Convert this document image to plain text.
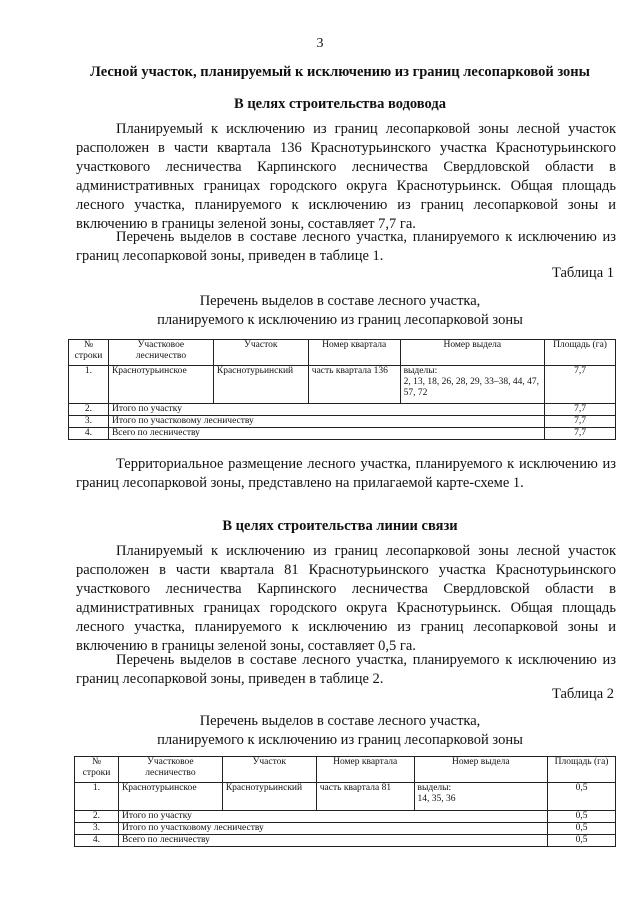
3
Лесной участок, планируемый к исключению из границ лесопарковой зоны
В целях строительства водовода
Планируемый к исключению из границ лесопарковой зоны лесной участок расположен в части квартала 136 Краснотурьинского участка Краснотурьинского участкового лесничества Карпинского лесничества Свердловской области в административных границах городского округа Краснотурьинск. Общая площадь лесного участка, планируемого к исключению из границ лесопарковой зоны и включению в границы зеленой зоны, составляет 7,7 га.
Перечень выделов в составе лесного участка, планируемого к исключению из границ лесопарковой зоны, приведен в таблице 1.
Таблица 1
Перечень выделов в составе лесного участка,
планируемого к исключению из границ лесопарковой зоны
№ строки	Участковое лесничество	Участок	Номер квартала	Номер выдела	Площадь (га)
1.	Краснотурьинское	Краснотурьинский	часть квартала 136	выделы:
2, 13, 18, 26, 28, 29, 33–38, 44, 47, 57, 72	7,7
2.	Итого по участку				7,7
3.	Итого по участковому лесничеству				7,7
4.	Всего по лесничеству				7,7
Территориальное размещение лесного участка, планируемого к исключению из границ лесопарковой зоны, представлено на прилагаемой карте-схеме 1.
В целях строительства линии связи
Планируемый к исключению из границ лесопарковой зоны лесной участок расположен в части квартала 81 Краснотурьинского участка Краснотурьинского участкового лесничества Карпинского лесничества Свердловской области в административных границах городского округа Краснотурьинск. Общая площадь лесного участка, планируемого к исключению из границ лесопарковой зоны и включению в границы зеленой зоны, составляет 0,5 га.
Перечень выделов в составе лесного участка, планируемого к исключению из границ лесопарковой зоны, приведен в таблице 2.
Таблица 2
Перечень выделов в составе лесного участка,
планируемого к исключению из границ лесопарковой зоны
№ строки	Участковое лесничество	Участок	Номер квартала	Номер выдела	Площадь (га)
1.	Краснотурьинское	Краснотурьинский	часть квартала 81	выделы:
14, 35, 36	0,5
2.	Итого по участку				0,5
3.	Итого по участковому лесничеству				0,5
4.	Всего по лесничеству				0,5
